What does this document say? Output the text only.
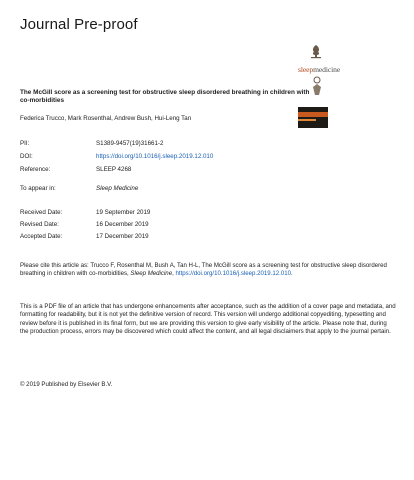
Journal Pre-proof
sleepmedicine
The McGill score as a screening test for obstructive sleep disordered breathing in children with co-morbidities
Federica Trucco, Mark Rosenthal, Andrew Bush, Hui-Leng Tan
PII:	S1389-9457(19)31661-2
DOI:	https://doi.org/10.1016/j.sleep.2019.12.010
Reference:	SLEEP 4268
To appear in:	Sleep Medicine
Received Date:	19 September 2019
Revised Date:	16 December 2019
Accepted Date:	17 December 2019
Please cite this article as: Trucco F, Rosenthal M, Bush A, Tan H-L, The McGill score as a screening test for obstructive sleep disordered breathing in children with co-morbidities, Sleep Medicine, https://doi.org/10.1016/j.sleep.2019.12.010.
This is a PDF file of an article that has undergone enhancements after acceptance, such as the addition of a cover page and metadata, and formatting for readability, but it is not yet the definitive version of record. This version will undergo additional copyediting, typesetting and review before it is published in its final form, but we are providing this version to give early visibility of the article. Please note that, during the production process, errors may be discovered which could affect the content, and all legal disclaimers that apply to the journal pertain.
© 2019 Published by Elsevier B.V.
